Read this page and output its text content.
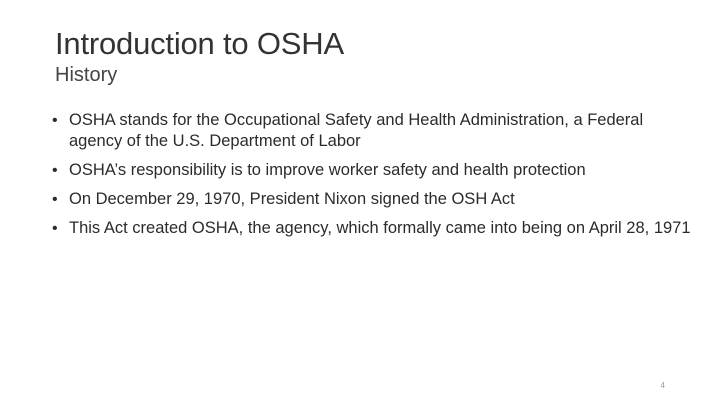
Introduction to OSHA
History
• OSHA stands for the Occupational Safety and Health Administration, a Federal agency of the U.S. Department of Labor
• OSHA’s responsibility is to improve worker safety and health protection
• On December 29, 1970, President Nixon signed the OSH Act
• This Act created OSHA, the agency, which formally came into being on April 28, 1971
4
